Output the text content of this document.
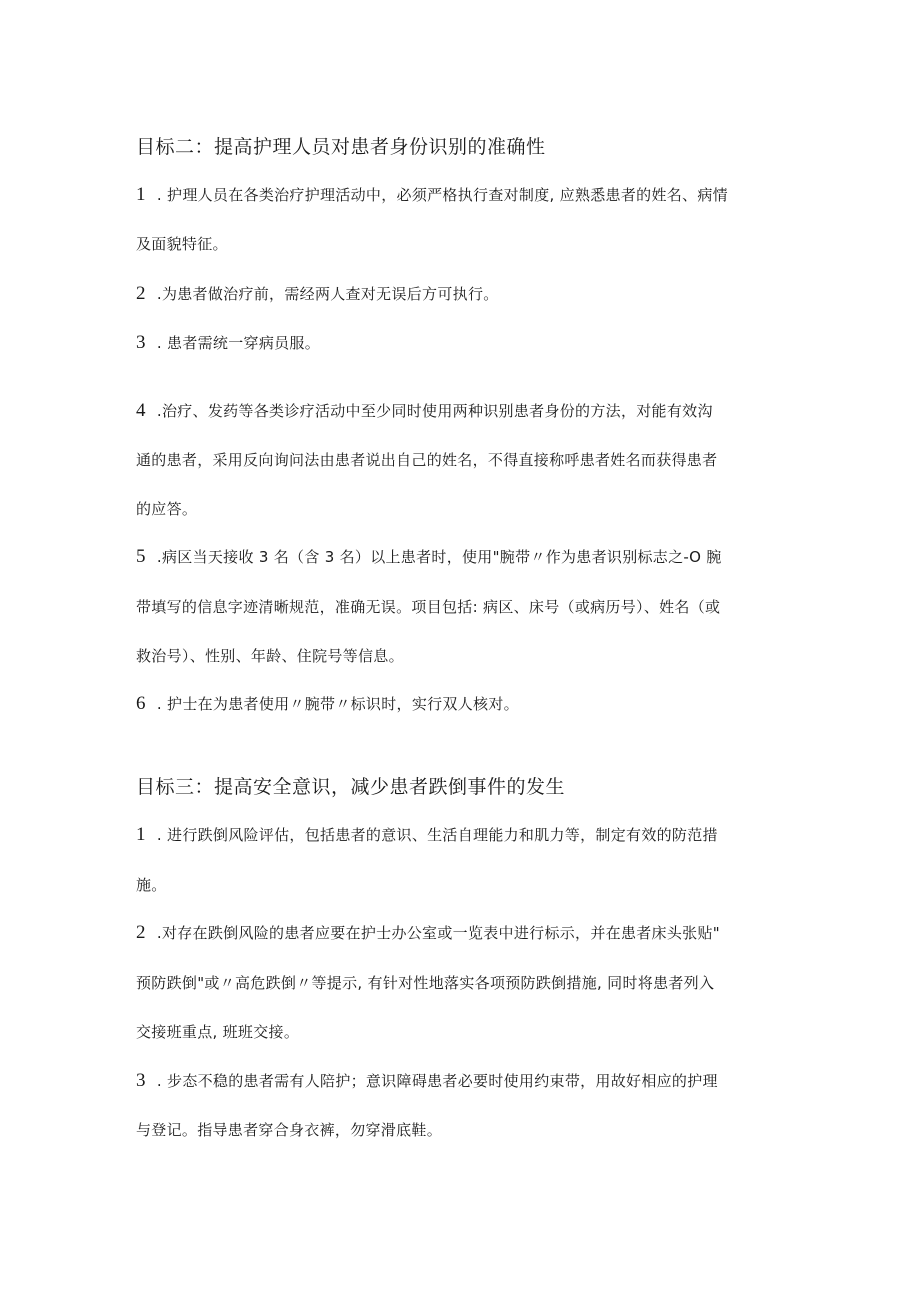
目标二：提高护理人员对患者身份识别的准确性
1 . 护理人员在各类治疗护理活动中，必须严格执行查对制度, 应熟悉患者的姓名、病情
及面貌特征。
2 .为患者做治疗前，需经两人查对无误后方可执行。
3 . 患者需统一穿病员服。
4 .治疗、发药等各类诊疗活动中至少同时使用两种识别患者身份的方法，对能有效沟
通的患者，采用反向询问法由患者说出自己的姓名，不得直接称呼患者姓名而获得患者
的应答。
5 .病区当天接收 3 名（含 3 名）以上患者时，使用"腕带〃作为患者识别标志之-O 腕
带填写的信息字迹清晰规范，准确无误。项目包括: 病区、床号（或病历号）、姓名（或
救治号）、性别、年龄、住院号等信息。
6 . 护士在为患者使用〃腕带〃标识时，实行双人核对。
目标三：提高安全意识，减少患者跌倒事件的发生
1 . 进行跌倒风险评估，包括患者的意识、生活自理能力和肌力等，制定有效的防范措
施。
2 .对存在跌倒风险的患者应要在护士办公室或一览表中进行标示，并在患者床头张贴"
预防跌倒"或〃高危跌倒〃等提示, 有针对性地落实各项预防跌倒措施, 同时将患者列入
交接班重点, 班班交接。
3 . 步态不稳的患者需有人陪护；意识障碍患者必要时使用约束带，用故好相应的护理
与登记。指导患者穿合身衣裤，勿穿滑底鞋。
